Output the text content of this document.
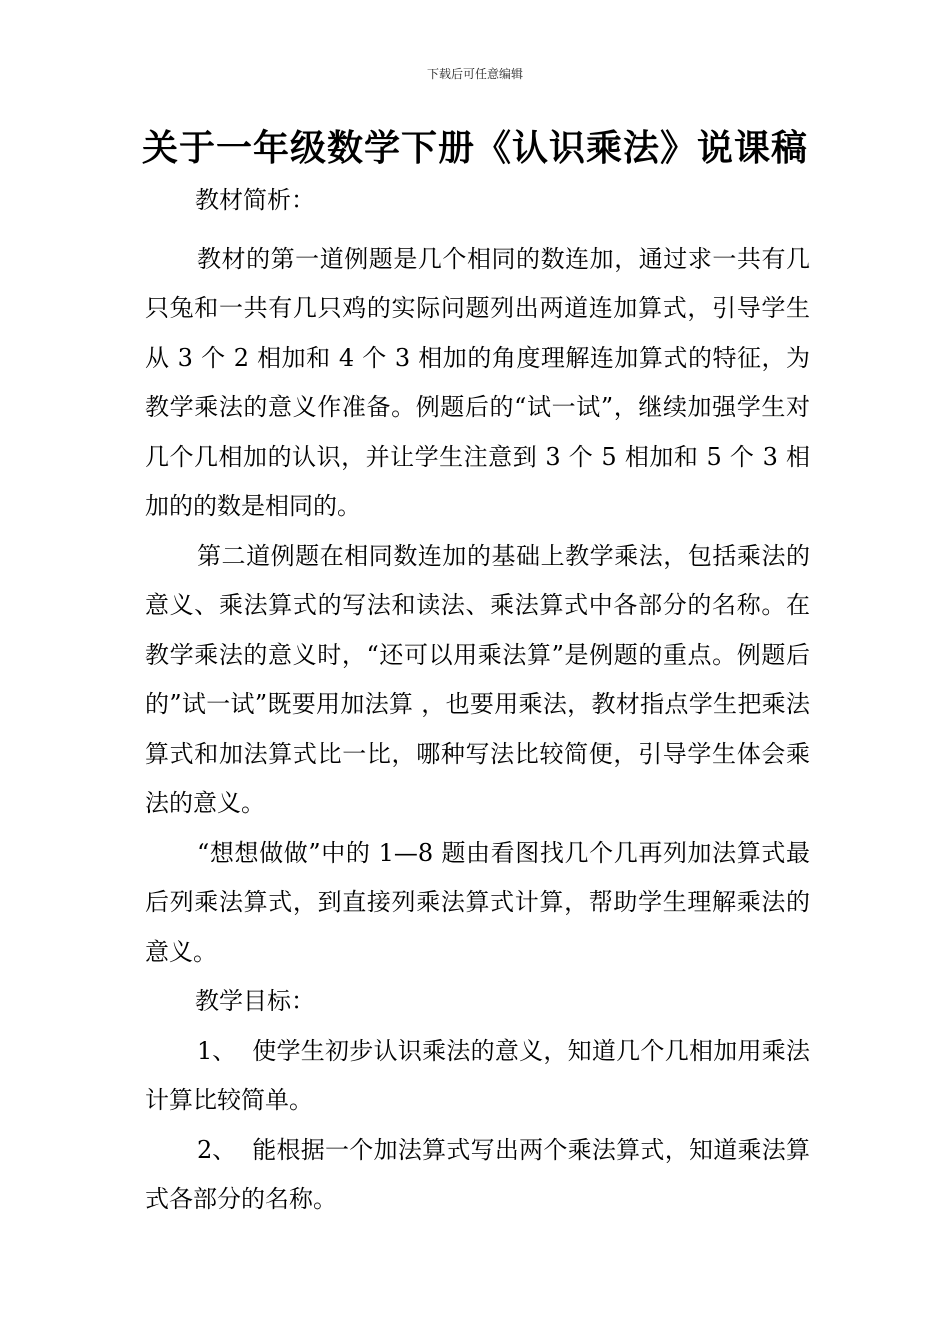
下载后可任意编辑
关于一年级数学下册《认识乘法》说课稿

教材简析：

教材的第一道例题是几个相同的数连加，通过求一共有几只兔和一共有几只鸡的实际问题列出两道连加算式，引导学生从 3 个 2 相加和 4 个 3 相加的角度理解连加算式的特征，为教学乘法的意义作准备。例题后的“试一试”，继续加强学生对几个几相加的认识，并让学生注意到 3 个 5 相加和 5 个 3 相加的的数是相同的。

第二道例题在相同数连加的基础上教学乘法，包括乘法的意义、乘法算式的写法和读法、乘法算式中各部分的名称。在教学乘法的意义时，“还可以用乘法算”是例题的重点。例题后的”试一试”既要用加法算 ，也要用乘法，教材指点学生把乘法算式和加法算式比一比，哪种写法比较简便，引导学生体会乘法的意义。

“想想做做”中的 1—8 题由看图找几个几再列加法算式最后列乘法算式，到直接列乘法算式计算，帮助学生理解乘法的意义。

教学目标：

1、 使学生初步认识乘法的意义，知道几个几相加用乘法计算比较简单。

2、 能根据一个加法算式写出两个乘法算式，知道乘法算式各部分的名称。
